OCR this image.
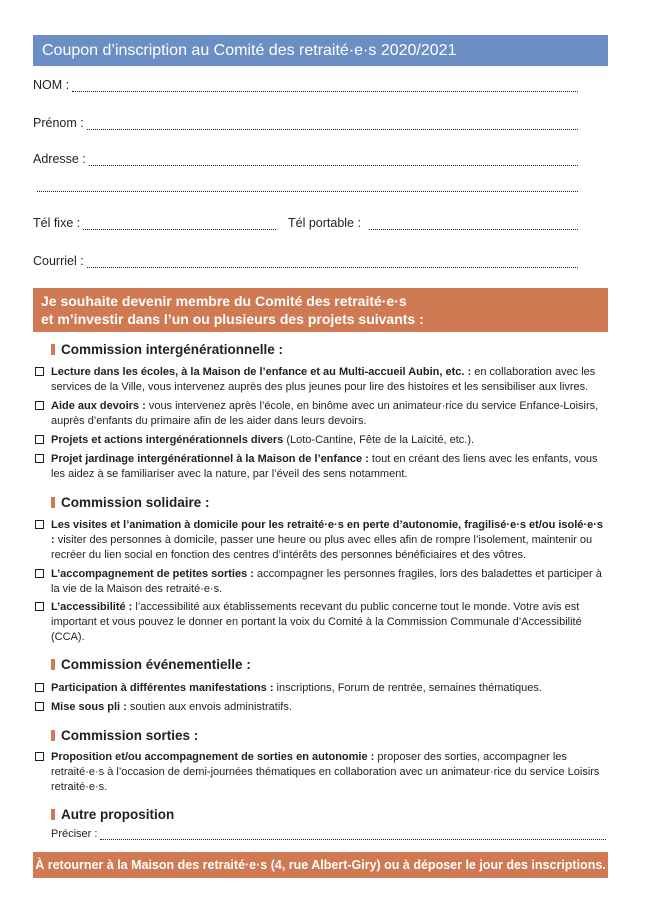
Coupon d’inscription au Comité des retraité·e·s 2020/2021
NOM :
Prénom :
Adresse :
Tél fixe :	Tél portable :
Courriel :
Je souhaite devenir membre du Comité des retraité·e·s
et m’investir dans l’un ou plusieurs des projets suivants :
Commission intergénérationnelle :
Lecture dans les écoles, à la Maison de l’enfance et au Multi-accueil Aubin, etc. : en collaboration avec les services de la Ville, vous intervenez auprès des plus jeunes pour lire des histoires et les sensibiliser aux livres.
Aide aux devoirs : vous intervenez après l’école, en binôme avec un animateur·rice du service Enfance-Loisirs, auprès d’enfants du primaire afin de les aider dans leurs devoirs.
Projets et actions intergénérationnels divers (Loto-Cantine, Fête de la Laïcité, etc.).
Projet jardinage intergénérationnel à la Maison de l’enfance : tout en créant des liens avec les enfants, vous les aidez à se familiariser avec la nature, par l’éveil des sens notamment.
Commission solidaire :
Les visites et l’animation à domicile pour les retraité·e·s en perte d’autonomie, fragilisé·e·s et/ou isolé·e·s : visiter des personnes à domicile, passer une heure ou plus avec elles afin de rompre l’isolement, maintenir ou recréer du lien social en fonction des centres d’intérêts des personnes bénéficiaires et des vôtres.
L’accompagnement de petites sorties : accompagner les personnes fragiles, lors des baladettes et participer à la vie de la Maison des retraité·e·s.
L’accessibilité : l’accessibilité aux établissements recevant du public concerne tout le monde. Votre avis est important et vous pouvez le donner en portant la voix du Comité à la Commission Communale d’Accessibilité (CCA).
Commission événementielle :
Participation à différentes manifestations : inscriptions, Forum de rentrée, semaines thématiques.
Mise sous pli : soutien aux envois administratifs.
Commission sorties :
Proposition et/ou accompagnement de sorties en autonomie : proposer des sorties, accompagner les retraité·e·s à l’occasion de demi-journées thématiques en collaboration avec un animateur·rice du service Loisirs retraité·e·s.
Autre proposition
Préciser :
À retourner à la Maison des retraité·e·s (4, rue Albert-Giry) ou à déposer le jour des inscriptions.
